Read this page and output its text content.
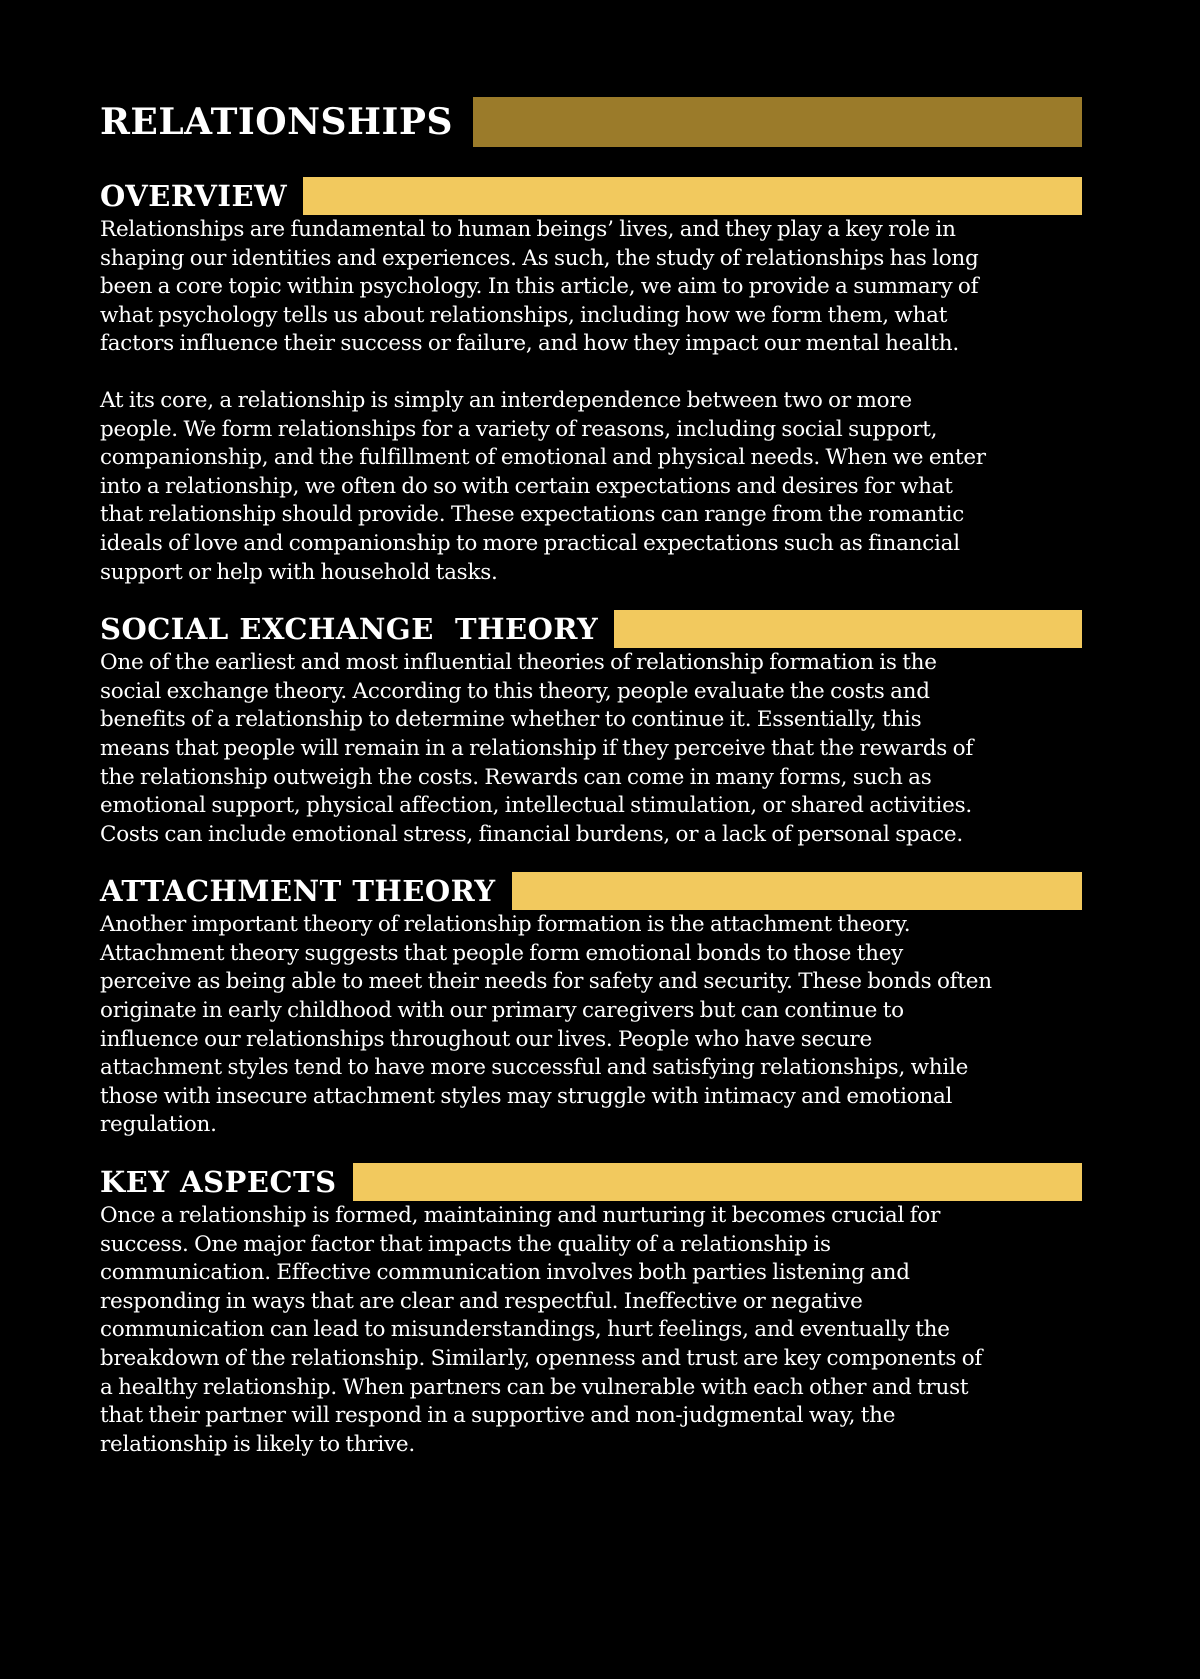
RELATIONSHIPS
OVERVIEW

Relationships are fundamental to human beings’ lives, and they play a key role in
shaping our identities and experiences. As such, the study of relationships has long
been a core topic within psychology. In this article, we aim to provide a summary of
what psychology tells us about relationships, including how we form them, what
factors influence their success or failure, and how they impact our mental health.

At its core, a relationship is simply an interdependence between two or more
people. We form relationships for a variety of reasons, including social support,
companionship, and the fulfillment of emotional and physical needs. When we enter
into a relationship, we often do so with certain expectations and desires for what
that relationship should provide. These expectations can range from the romantic
ideals of love and companionship to more practical expectations such as financial
support or help with household tasks.

SOCIAL EXCHANGE  THEORY

One of the earliest and most influential theories of relationship formation is the
social exchange theory. According to this theory, people evaluate the costs and
benefits of a relationship to determine whether to continue it. Essentially, this
means that people will remain in a relationship if they perceive that the rewards of
the relationship outweigh the costs. Rewards can come in many forms, such as
emotional support, physical affection, intellectual stimulation, or shared activities.
Costs can include emotional stress, financial burdens, or a lack of personal space.

ATTACHMENT THEORY

Another important theory of relationship formation is the attachment theory.
Attachment theory suggests that people form emotional bonds to those they
perceive as being able to meet their needs for safety and security. These bonds often
originate in early childhood with our primary caregivers but can continue to
influence our relationships throughout our lives. People who have secure
attachment styles tend to have more successful and satisfying relationships, while
those with insecure attachment styles may struggle with intimacy and emotional
regulation.

KEY ASPECTS

Once a relationship is formed, maintaining and nurturing it becomes crucial for
success. One major factor that impacts the quality of a relationship is
communication. Effective communication involves both parties listening and
responding in ways that are clear and respectful. Ineffective or negative
communication can lead to misunderstandings, hurt feelings, and eventually the
breakdown of the relationship. Similarly, openness and trust are key components of
a healthy relationship. When partners can be vulnerable with each other and trust
that their partner will respond in a supportive and non-judgmental way, the
relationship is likely to thrive.
